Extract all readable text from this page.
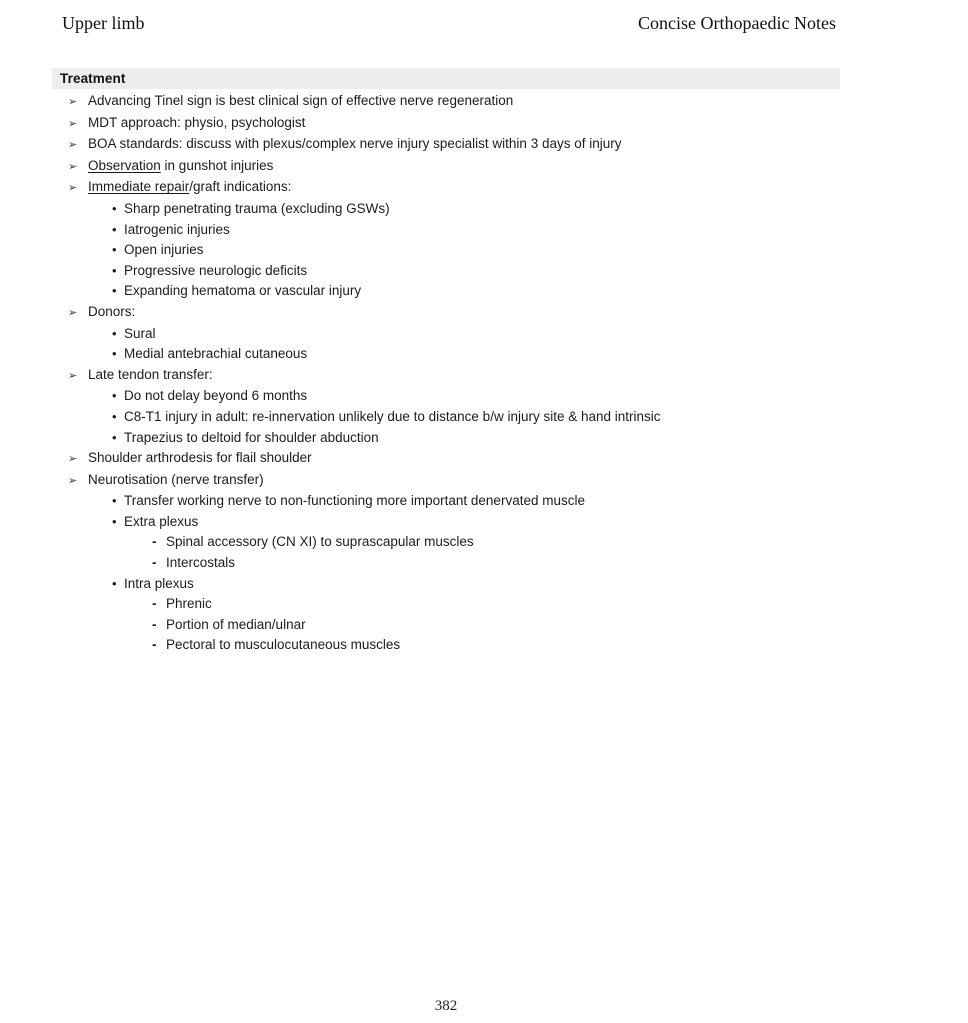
Upper limb	Concise Orthopaedic Notes
Treatment
➢ Advancing Tinel sign is best clinical sign of effective nerve regeneration
➢ MDT approach: physio, psychologist
➢ BOA standards: discuss with plexus/complex nerve injury specialist within 3 days of injury
➢ Observation in gunshot injuries
➢ Immediate repair/graft indications:
• Sharp penetrating trauma (excluding GSWs)
• Iatrogenic injuries
• Open injuries
• Progressive neurologic deficits
• Expanding hematoma or vascular injury
➢ Donors:
• Sural
• Medial antebrachial cutaneous
➢ Late tendon transfer:
• Do not delay beyond 6 months
• C8-T1 injury in adult: re-innervation unlikely due to distance b/w injury site & hand intrinsic
• Trapezius to deltoid for shoulder abduction
➢ Shoulder arthrodesis for flail shoulder
➢ Neurotisation (nerve transfer)
• Transfer working nerve to non-functioning more important denervated muscle
• Extra plexus
- Spinal accessory (CN XI) to suprascapular muscles
- Intercostals
• Intra plexus
- Phrenic
- Portion of median/ulnar
- Pectoral to musculocutaneous muscles
382
